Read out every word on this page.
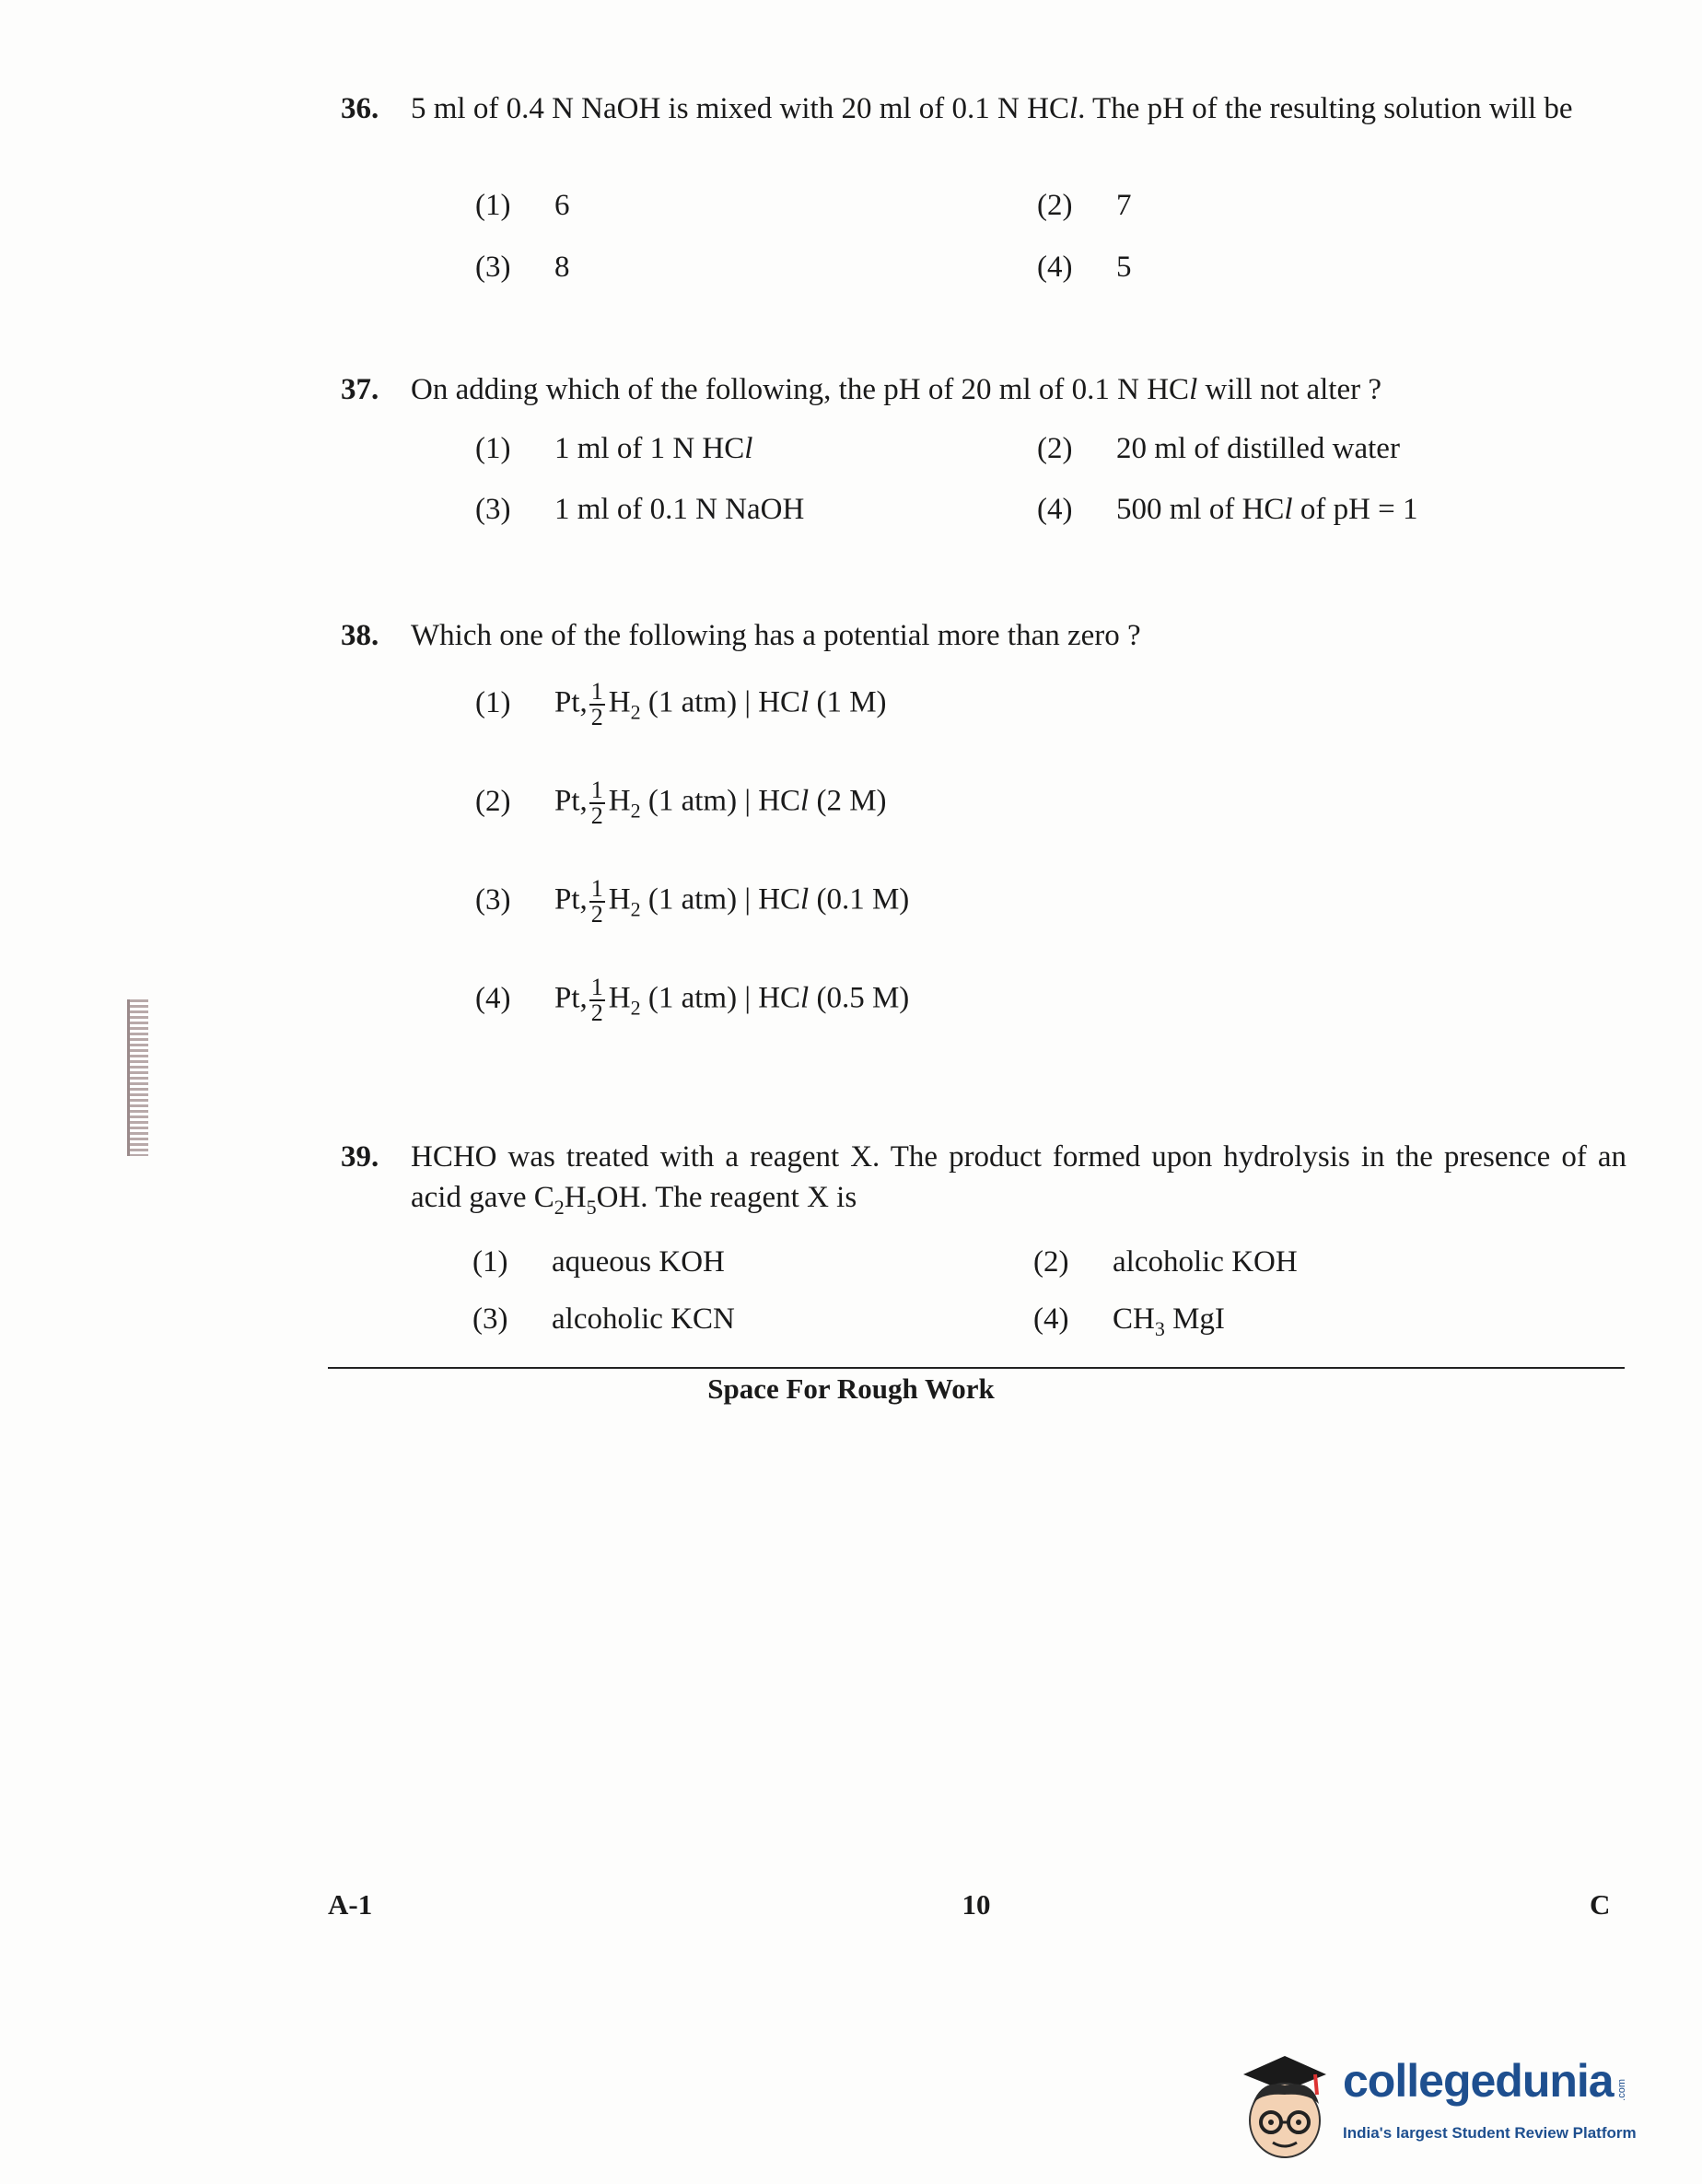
36. 5 ml of 0.4 N NaOH is mixed with 20 ml of 0.1 N HCl. The pH of the resulting solution will be
(1) 6	(2) 7
(3) 8	(4) 5
37. On adding which of the following, the pH of 20 ml of 0.1 N HCl will not alter ?
(1) 1 ml of 1 N HCl	(2) 20 ml of distilled water
(3) 1 ml of 0.1 N NaOH	(4) 500 ml of HCl of pH = 1
38. Which one of the following has a potential more than zero ?
(1) Pt, $\frac{1}{2} H_2$ (1 atm) | HCl (1 M)
(2) Pt, $\frac{1}{2} H_2$ (1 atm) | HCl (2 M)
(3) Pt, $\frac{1}{2} H_2$ (1 atm) | HCl (0.1 M)
(4) Pt, $\frac{1}{2} H_2$ (1 atm) | HCl (0.5 M)
39. HCHO was treated with a reagent X. The product formed upon hydrolysis in the presence of an acid gave $C_2H_5OH$. The reagent X is
(1) aqueous KOH	(2) alcoholic KOH
(3) alcoholic KCN	(4) $CH_3$ MgI
Space For Rough Work
A-1	10	C
collegedunia .com
India's largest Student Review Platform
